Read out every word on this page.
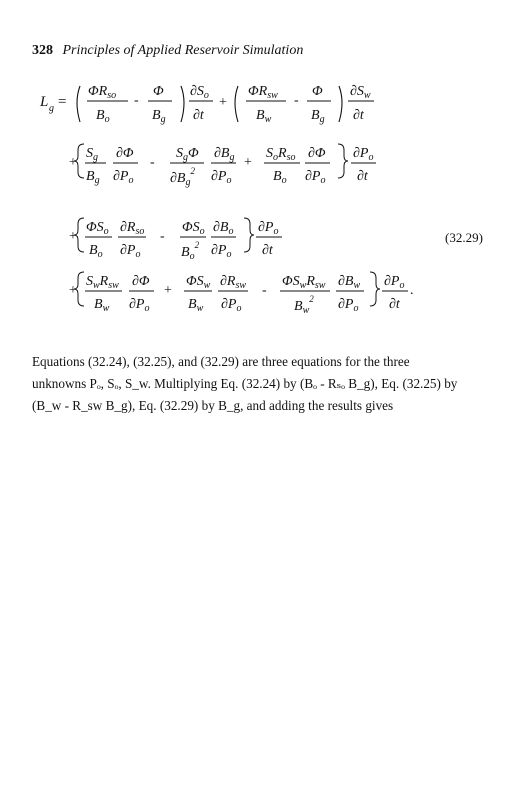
328 Principles of Applied Reservoir Simulation
L g =
$\Phi R_{so}$
$B_o$
-
Φ
$B_g$
$\partial S_o$
∂t
+
$\Phi R_{sw}$
$B_w$
-
Φ
$B_g$
$\partial S_w$
∂t
+
$S_g$
$B_g$
∂Φ
$\partial P_o$
-
$S_g\Phi$
$\partial B_g^2$
$\partial B_g$
$\partial P_o$
+
$S_oR_{so}$
$B_o$
∂Φ
$\partial P_o$
$\partial P_o$
∂t
+
$\Phi S_o$
$B_o$
$\partial R_{so}$
$\partial P_o$
-
$\Phi S_o$
$B_o^2$
$\partial B_o$
$\partial P_o$
$\partial P_o$
∂t
+
$S_wR_{sw}$
$B_w$
∂Φ
$\partial P_o$
+
$\Phi S_w$
$B_w$
$\partial R_{sw}$
$\partial P_o$
-
$\Phi S_wR_{sw}$
$B_w^2$
$\partial B_w$
$\partial P_o$
$\partial P_o$
∂t
.
(32.29)
Equations (32.24), (32.25), and (32.29) are three equations for the three
unknowns Pₒ, Sₒ, S_w. Multiplying Eq. (32.24) by (Bₒ - Rₛₒ B_g), Eq. (32.25) by
(B_w - R_sw B_g), Eq. (32.29) by B_g, and adding the results gives
